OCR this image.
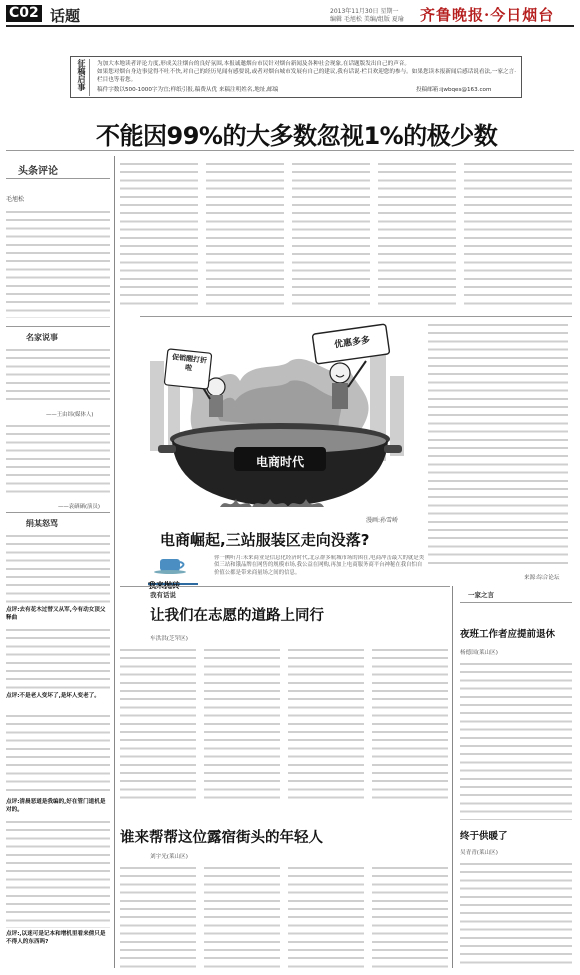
C02 话题	2013年11月30日 星期一
编辑 毛旭松 美编/组版 夏瑜 齐鲁晚报·今日烟台
征稿启事 为加大本地读者评论力度,形成关注烟台的良好氛围,本报诚邀烟台市民针对烟台新闻及各种社会现象,在话题版发出自己的声音。
如果您对烟台身边事觉得不吐不快,对自己的经历见闻有感要说,或者对烟台城市发展有自己的建议,我有话说·栏目欢迎您的参与。如果您读本报新闻后感话说看法,一家之言·栏目也等着您。
稿件字数以500-1000字为宜;样纸引报,稿费从优 来稿注明姓名,地址,邮编	投稿邮箱:ijwbqes@163.com
不能因99%的大多数忽视1%的极少数
头条评论
毛旭松
名家说事
——王由纬(媒体人)
——袁硒硒(演员)
绢某怒骂
点评:去有花木过替又从军,今有动女顶父释曲
点评:不是老人变坏了,是坏人变老了。
点评:清晨恶道是我编的,好在管门道机是对的。
点评:,以迷可是记本和增机里看来倩只是不得人的东西吗?
促销醒打折啦
优惠多多
电商时代
漫画:孙雪峤
电商崛起,三站服装区走向没落?
你一搠听月:未来商业是信息化经济时代,北京群多航城市场的困在,电商冲击最大的就是类似三站和饿品牌在网售的规模市场,我公益在网购,再加上电商服务商平台神秘在我自怕自价值公都是带来商量场之间的信息。
来源:综合论坛
我有话说
让我们在志愿的道路上同行
车洪洪(芝罘区)
谁来帮帮这位露宿街头的年轻人
刘宇光(莱山区)
一家之言
夜班工作者应提前退休
杨德国(莱山区)
终于供暖了
吴青青(莱山区)
